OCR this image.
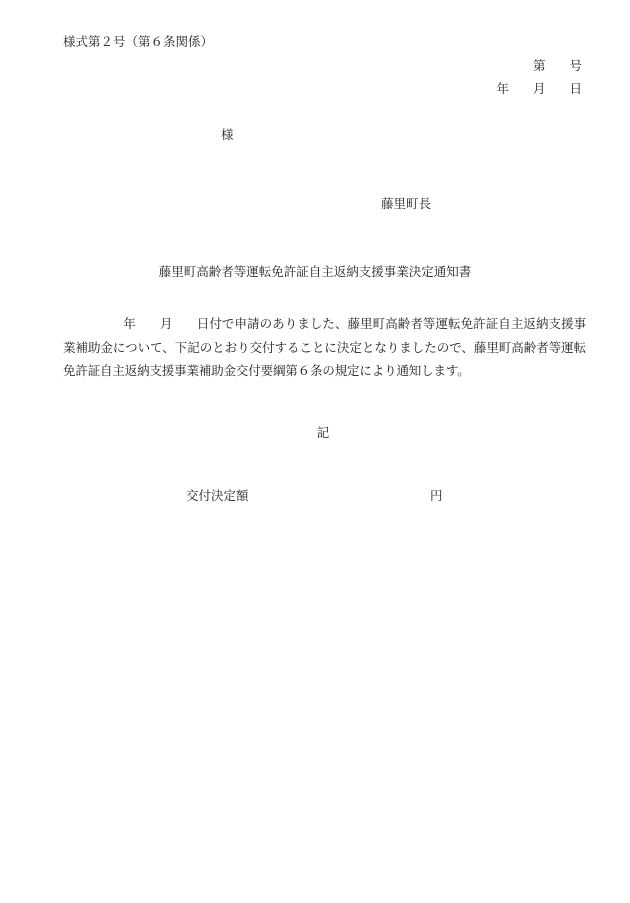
様式第２号（第６条関係）
第 号
年 月 日
様
藤里町長
藤里町高齢者等運転免許証自主返納支援事業決定通知書
年 月 日付で申請のありました、藤里町高齢者等運転免許証自主返納支援事業補助金について、下記のとおり交付することに決定となりましたので、藤里町高齢者等運転免許証自主返納支援事業補助金交付要綱第６条の規定により通知します。
記
交付決定額	円
